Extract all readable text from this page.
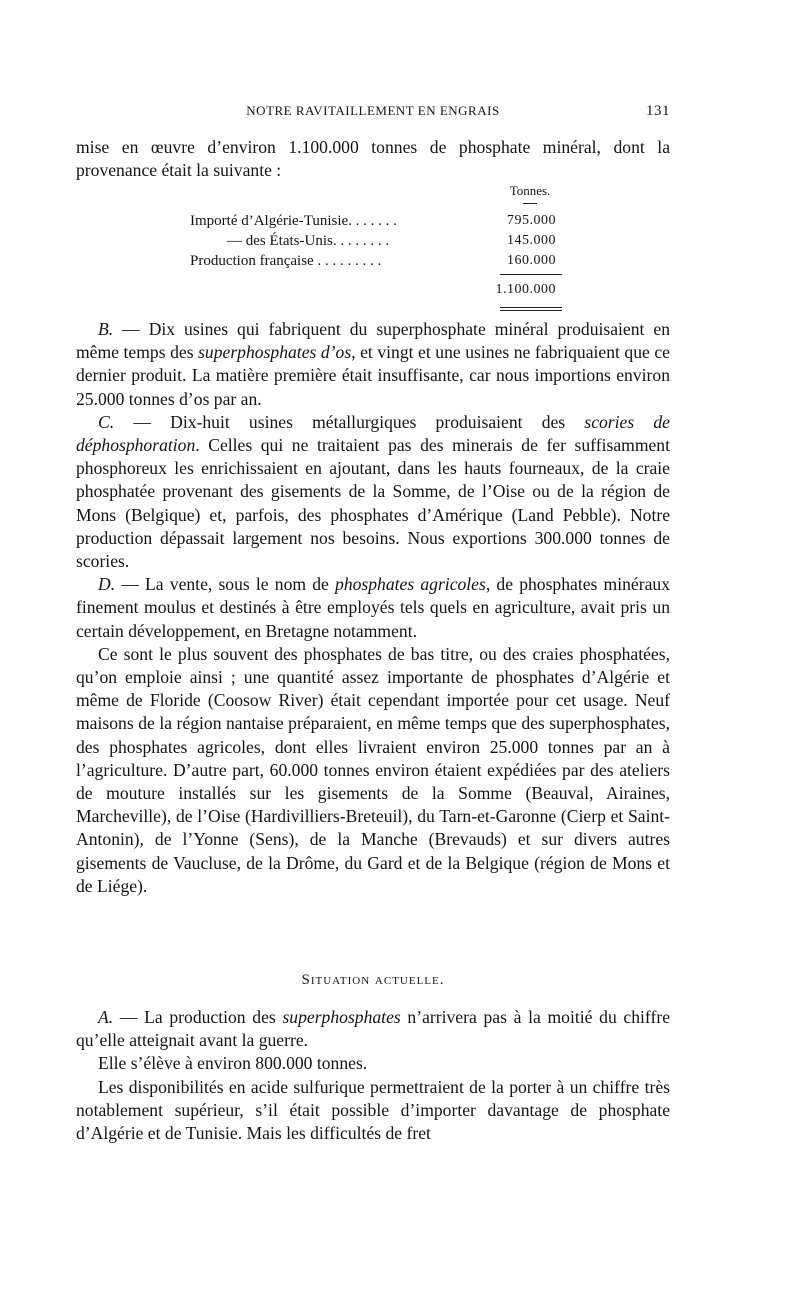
NOTRE RAVITAILLEMENT EN ENGRAIS	131

mise en œuvre d’environ 1.100.000 tonnes de phosphate minéral, dont la provenance était la suivante :

Tonnes.
Importé d’Algérie-Tunisie. . . . . . .	795.000
— des États-Unis. . . . . . . .	145.000
Production française . . . . . . . . .	160.000
1.100.000

B. — Dix usines qui fabriquent du superphosphate minéral produisaient en même temps des superphosphates d’os, et vingt et une usines ne fabriquaient que ce dernier produit. La matière première était insuffisante, car nous importions environ 25.000 tonnes d’os par an.

C. — Dix-huit usines métallurgiques produisaient des scories de déphosphoration. Celles qui ne traitaient pas des minerais de fer suffisamment phosphoreux les enrichissaient en ajoutant, dans les hauts fourneaux, de la craie phosphatée provenant des gisements de la Somme, de l’Oise ou de la région de Mons (Belgique) et, parfois, des phosphates d’Amérique (Land Pebble). Notre production dépassait largement nos besoins. Nous exportions 300.000 tonnes de scories.

D. — La vente, sous le nom de phosphates agricoles, de phosphates minéraux finement moulus et destinés à être employés tels quels en agriculture, avait pris un certain développement, en Bretagne notamment.

Ce sont le plus souvent des phosphates de bas titre, ou des craies phosphatées, qu’on emploie ainsi ; une quantité assez importante de phosphates d’Algérie et même de Floride (Coosow River) était cependant importée pour cet usage. Neuf maisons de la région nantaise préparaient, en même temps que des superphosphates, des phosphates agricoles, dont elles livraient environ 25.000 tonnes par an à l’agriculture. D’autre part, 60.000 tonnes environ étaient expédiées par des ateliers de mouture installés sur les gisements de la Somme (Beauval, Airaines, Marcheville), de l’Oise (Hardivilliers-Breteuil), du Tarn-et-Garonne (Cierp et Saint-Antonin), de l’Yonne (Sens), de la Manche (Brevauds) et sur divers autres gisements de Vaucluse, de la Drôme, du Gard et de la Belgique (région de Mons et de Liége).

Situation actuelle.

A. — La production des superphosphates n’arrivera pas à la moitié du chiffre qu’elle atteignait avant la guerre.

Elle s’élève à environ 800.000 tonnes.

Les disponibilités en acide sulfurique permettraient de la porter à un chiffre très notablement supérieur, s’il était possible d’importer davantage de phosphate d’Algérie et de Tunisie. Mais les difficultés de fret
